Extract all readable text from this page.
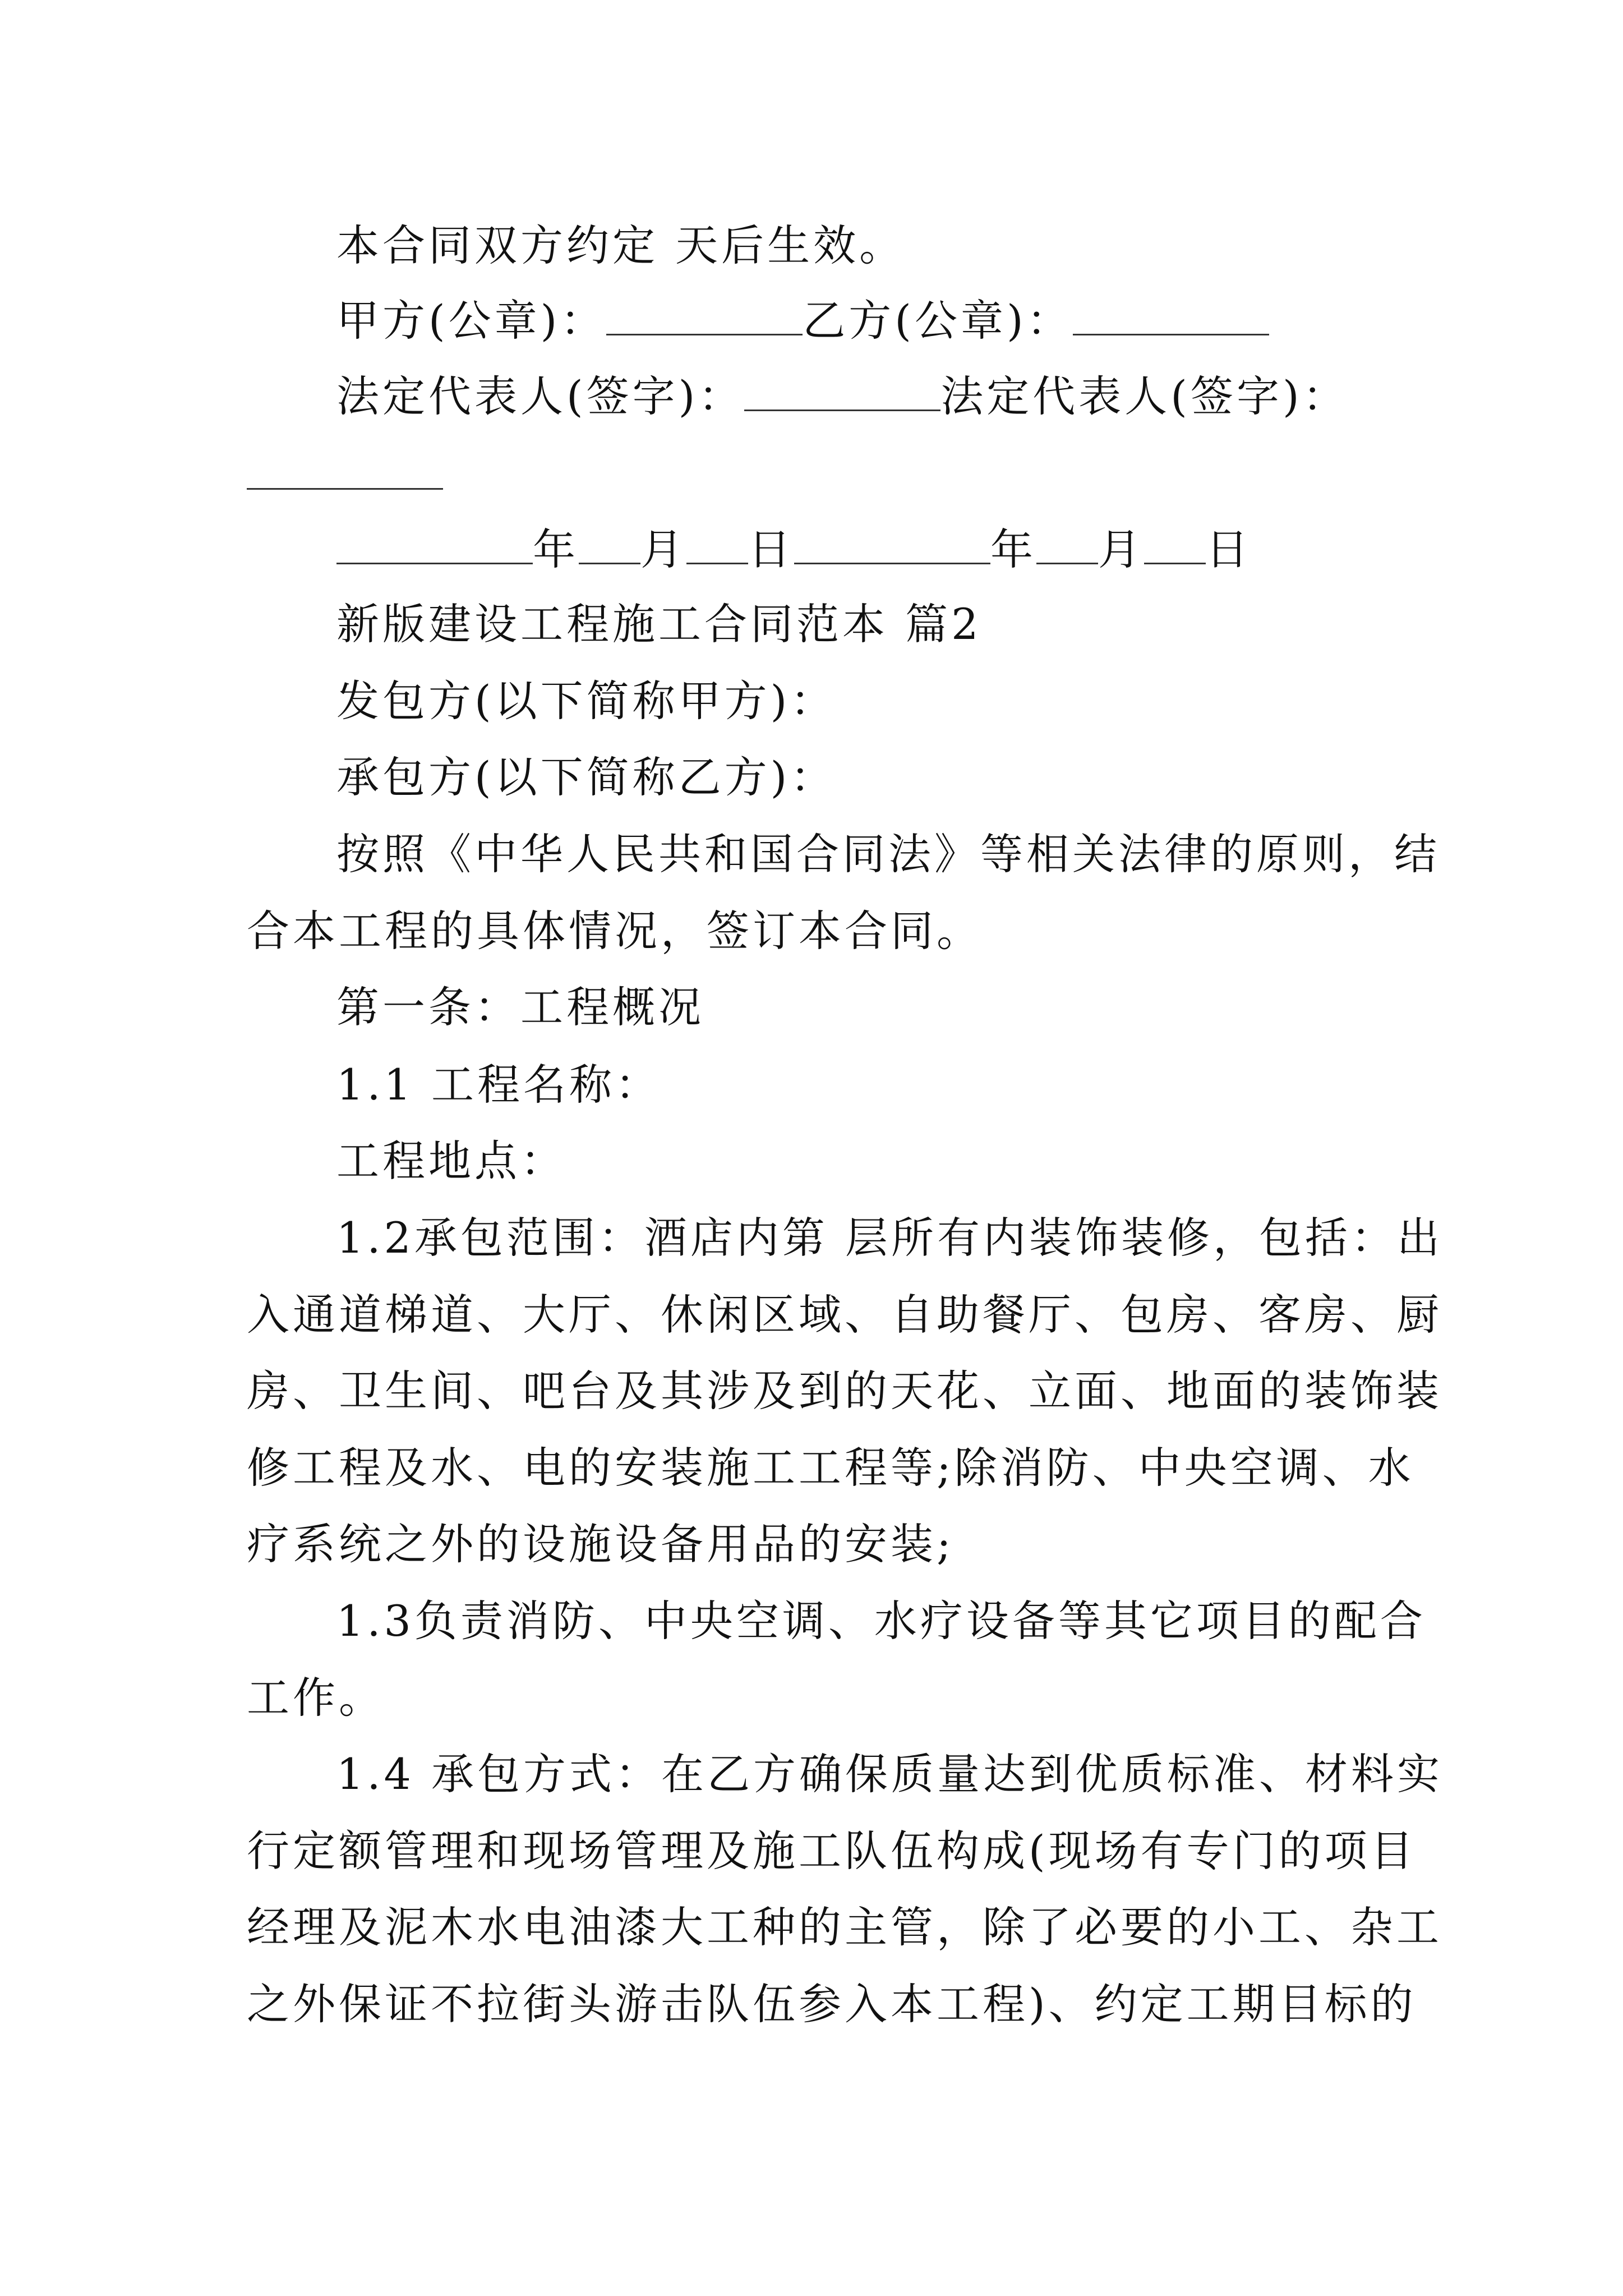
本合同双方约定 天后生效。
甲方(公章)：	乙方(公章)：
法定代表人(签字)：	法定代表人(签字)：
年 月 日	年 月 日
新版建设工程施工合同范本 篇2
发包方(以下简称甲方)：
承包方(以下简称乙方)：
按照《中华人民共和国合同法》等相关法律的原则，结
合本工程的具体情况，签订本合同。
第一条：工程概况
1.1 工程名称：
工程地点：
1.2承包范围：酒店内第 层所有内装饰装修，包括：出
入通道梯道、大厅、休闲区域、自助餐厅、包房、客房、厨
房、卫生间、吧台及其涉及到的天花、立面、地面的装饰装
修工程及水、电的安装施工工程等;除消防、中央空调、水
疗系统之外的设施设备用品的安装;
1.3负责消防、中央空调、水疗设备等其它项目的配合
工作。
1.4 承包方式：在乙方确保质量达到优质标准、材料实
行定额管理和现场管理及施工队伍构成(现场有专门的项目
经理及泥木水电油漆大工种的主管，除了必要的小工、杂工
之外保证不拉街头游击队伍参入本工程)、约定工期目标的
